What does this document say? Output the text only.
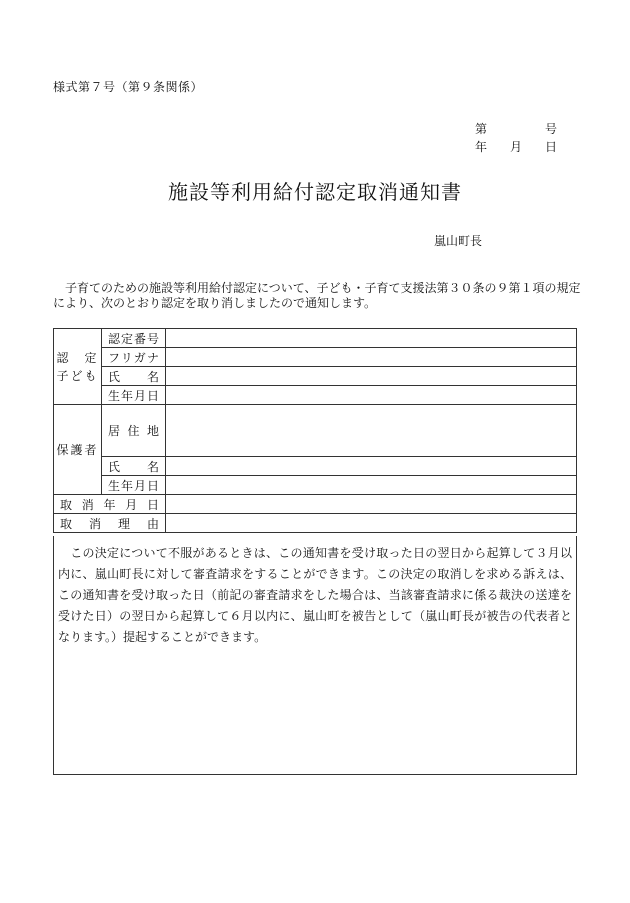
様式第７号（第９条関係）
第	号
年 月 日
施設等利用給付認定取消通知書
嵐山町長
　子育てのための施設等利用給付認定について、子ども・子育て支援法第３０条の９第１項の規定により、次のとおり認定を取り消しましたので通知します。
認　定
子ども	認定番号	
	フリガナ	
	氏名	
	生年月日	
保護者	居住地	
	氏名	
	生年月日	
取消年月日		
取消理由		
　この決定について不服があるときは、この通知書を受け取った日の翌日から起算して３月以内に、嵐山町長に対して審査請求をすることができます。この決定の取消しを求める訴えは、この通知書を受け取った日（前記の審査請求をした場合は、当該審査請求に係る裁決の送達を受けた日）の翌日から起算して６月以内に、嵐山町を被告として（嵐山町長が被告の代表者となります。）提起することができます。
